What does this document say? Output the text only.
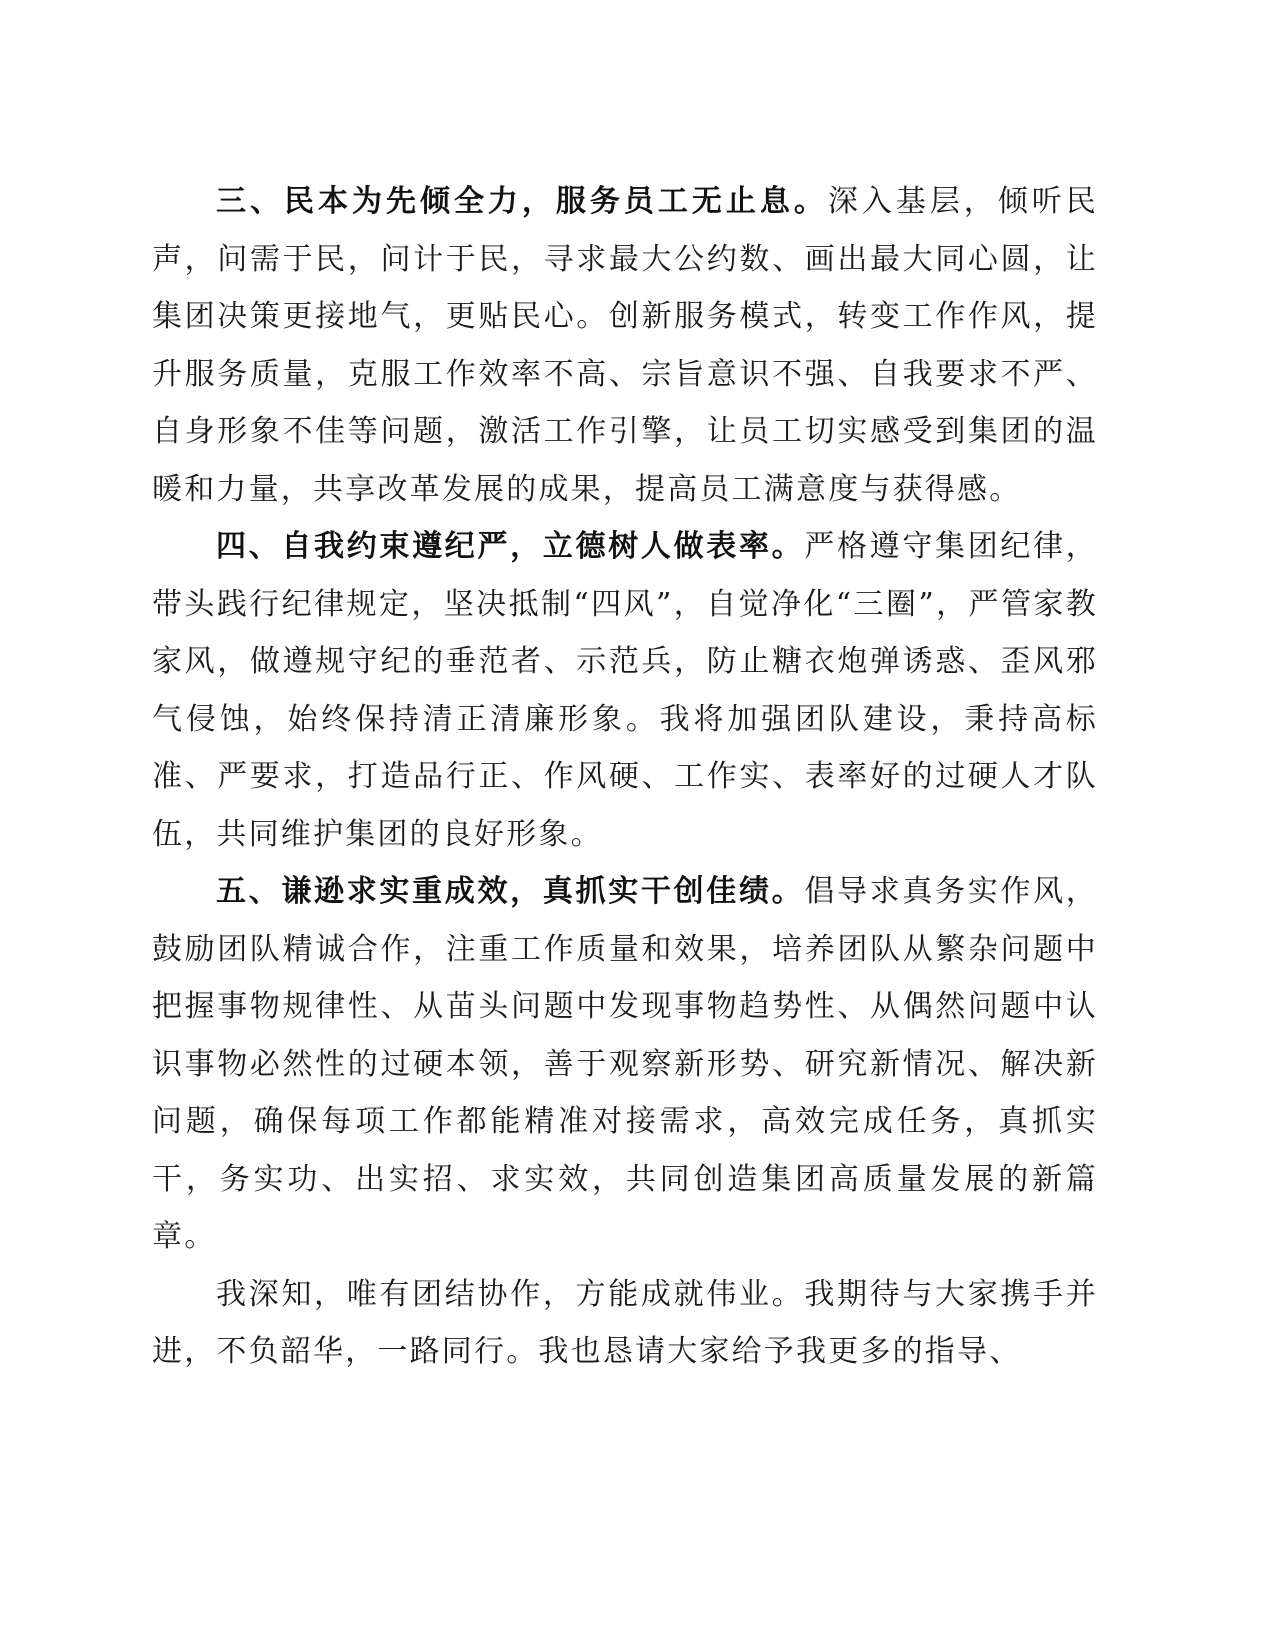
三、民本为先倾全力，服务员工无止息。深入基层，倾听民声，问需于民，问计于民，寻求最大公约数、画出最大同心圆，让集团决策更接地气，更贴民心。创新服务模式，转变工作作风，提升服务质量，克服工作效率不高、宗旨意识不强、自我要求不严、自身形象不佳等问题，激活工作引擎，让员工切实感受到集团的温暖和力量，共享改革发展的成果，提高员工满意度与获得感。

四、自我约束遵纪严，立德树人做表率。严格遵守集团纪律，带头践行纪律规定，坚决抵制“四风”，自觉净化“三圈”，严管家教家风，做遵规守纪的垂范者、示范兵，防止糖衣炮弹诱惑、歪风邪气侵蚀，始终保持清正清廉形象。我将加强团队建设，秉持高标准、严要求，打造品行正、作风硬、工作实、表率好的过硬人才队伍，共同维护集团的良好形象。

五、谦逊求实重成效，真抓实干创佳绩。倡导求真务实作风，鼓励团队精诚合作，注重工作质量和效果，培养团队从繁杂问题中把握事物规律性、从苗头问题中发现事物趋势性、从偶然问题中认识事物必然性的过硬本领，善于观察新形势、研究新情况、解决新问题，确保每项工作都能精准对接需求，高效完成任务，真抓实干，务实功、出实招、求实效，共同创造集团高质量发展的新篇章。

我深知，唯有团结协作，方能成就伟业。我期待与大家携手并进，不负韶华，一路同行。我也恳请大家给予我更多的指导、
